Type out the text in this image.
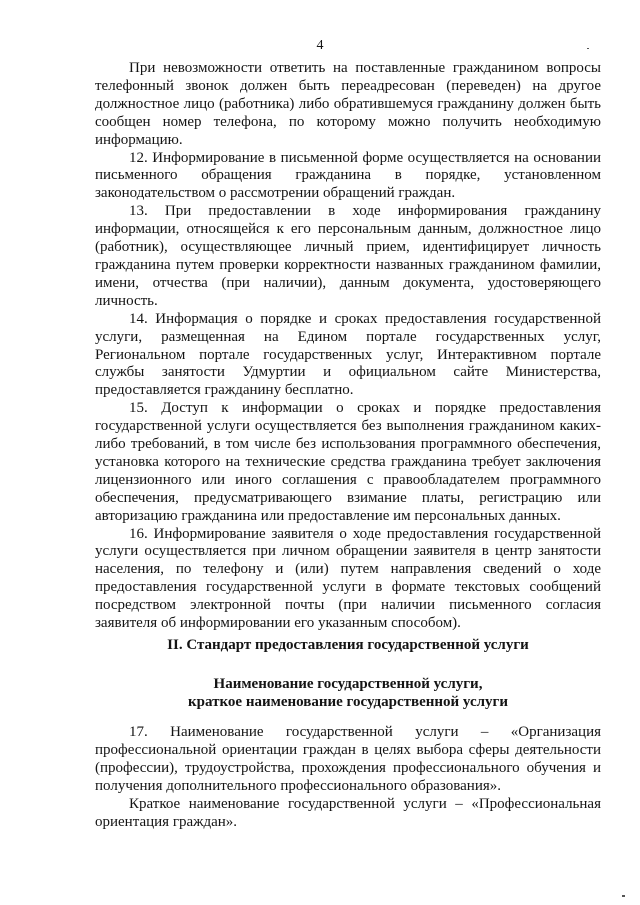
4

При невозможности ответить на поставленные гражданином вопросы телефонный звонок должен быть переадресован (переведен) на другое должностное лицо (работника) либо обратившемуся гражданину должен быть сообщен номер телефона, по которому можно получить необходимую информацию.

12. Информирование в письменной форме осуществляется на основании письменного обращения гражданина в порядке, установленном законодательством о рассмотрении обращений граждан.

13. При предоставлении в ходе информирования гражданину информации, относящейся к его персональным данным, должностное лицо (работник), осуществляющее личный прием, идентифицирует личность гражданина путем проверки корректности названных гражданином фамилии, имени, отчества (при наличии), данным документа, удостоверяющего личность.

14. Информация о порядке и сроках предоставления государственной услуги, размещенная на Едином портале государственных услуг, Региональном портале государственных услуг, Интерактивном портале службы занятости Удмуртии и официальном сайте Министерства, предоставляется гражданину бесплатно.

15. Доступ к информации о сроках и порядке предоставления государственной услуги осуществляется без выполнения гражданином каких-либо требований, в том числе без использования программного обеспечения, установка которого на технические средства гражданина требует заключения лицензионного или иного соглашения с правообладателем программного обеспечения, предусматривающего взимание платы, регистрацию или авторизацию гражданина или предоставление им персональных данных.

16. Информирование заявителя о ходе предоставления государственной услуги осуществляется при личном обращении заявителя в центр занятости населения, по телефону и (или) путем направления сведений о ходе предоставления государственной услуги в формате текстовых сообщений посредством электронной почты (при наличии письменного согласия заявителя об информировании его указанным способом).

II. Стандарт предоставления государственной услуги
Наименование государственной услуги,
краткое наименование государственной услуги

17. Наименование государственной услуги – «Организация профессиональной ориентации граждан в целях выбора сферы деятельности (профессии), трудоустройства, прохождения профессионального обучения и получения дополнительного профессионального образования».

Краткое наименование государственной услуги – «Профессиональная ориентация граждан».
